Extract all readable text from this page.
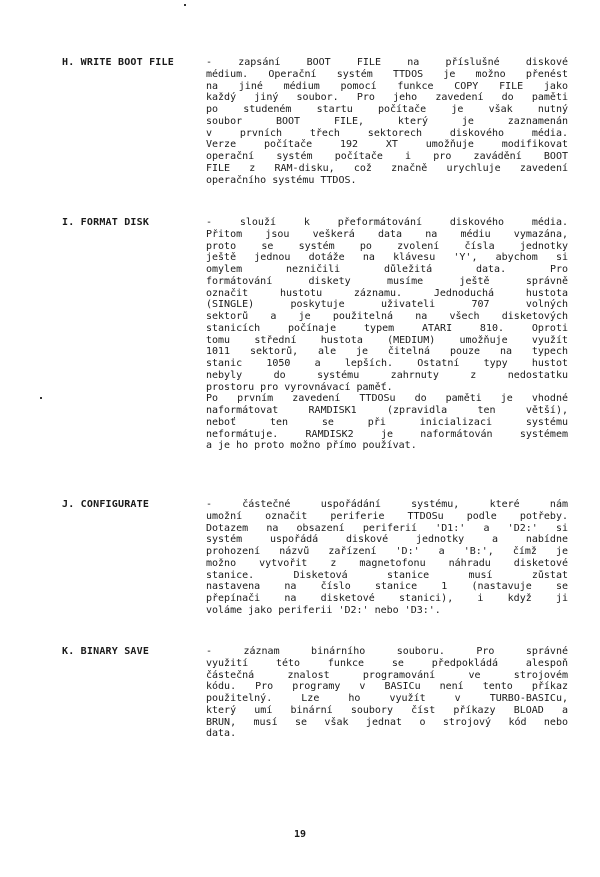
H. WRITE BOOT FILE	- zapsání BOOT FILE na příslušné diskové
médium. Operační systém TTDOS je možno přenést
na jiné médium pomocí funkce COPY FILE jako
každý jiný soubor. Pro jeho zavedení do paměti
po studeném startu počítače je však nutný
soubor BOOT FILE, který je zaznamenán
v prvních třech sektorech diskového média.
Verze počítače 192 XT umožňuje modifikovat
operační systém počítače i pro zavádění BOOT
FILE z RAM-disku, což značně urychluje zavedení
operačního systému TTDOS.
I. FORMAT DISK	- slouží k přeformátování diskového média.
Přitom jsou veškerá data na médiu vymazána,
proto se systém po zvolení čísla jednotky
ještě jednou dotáže na klávesu 'Y', abychom si
omylem nezničili důležitá data. Pro
formátování diskety musíme ještě správně
označit hustotu záznamu. Jednoduchá hustota
(SINGLE) poskytuje uživateli 707 volných
sektorů a je použitelná na všech disketových
stanicích počínaje typem ATARI 810. Oproti
tomu střední hustota (MEDIUM) umožňuje využít
1011 sektorů, ale je čitelná pouze na typech
stanic 1050 a lepších. Ostatní typy hustot
nebyly do systému zahrnuty z nedostatku
prostoru pro vyrovnávací paměť.
Po prvním zavedení TTDOSu do paměti je vhodné
naformátovat RAMDISK1 (zpravidla ten větší),
neboť ten se při inicializaci systému
neformátuje. RAMDISK2 je naformátován systémem
a je ho proto možno přímo používat.
J. CONFIGURATE	- částečné uspořádání systému, které nám
umožní označit periferie TTDOSu podle potřeby.
Dotazem na obsazení periferií 'D1:' a 'D2:' si
systém uspořádá diskové jednotky a nabídne
prohození názvů zařízení 'D:' a 'B:', čímž je
možno vytvořit z magnetofonu náhradu disketové
stanice. Disketová stanice musí zůstat
nastavena na číslo stanice 1 (nastavuje se
přepínači na disketové stanici), i když ji
voláme jako periferii 'D2:' nebo 'D3:'.
K. BINARY SAVE	- záznam binárního souboru. Pro správné
využití této funkce se předpokládá alespoň
částečná znalost programování ve strojovém
kódu. Pro programy v BASICu není tento příkaz
použitelný. Lze ho využít v TURBO-BASICu,
který umí binární soubory číst příkazy BLOAD a
BRUN, musí se však jednat o strojový kód nebo
data.
19
